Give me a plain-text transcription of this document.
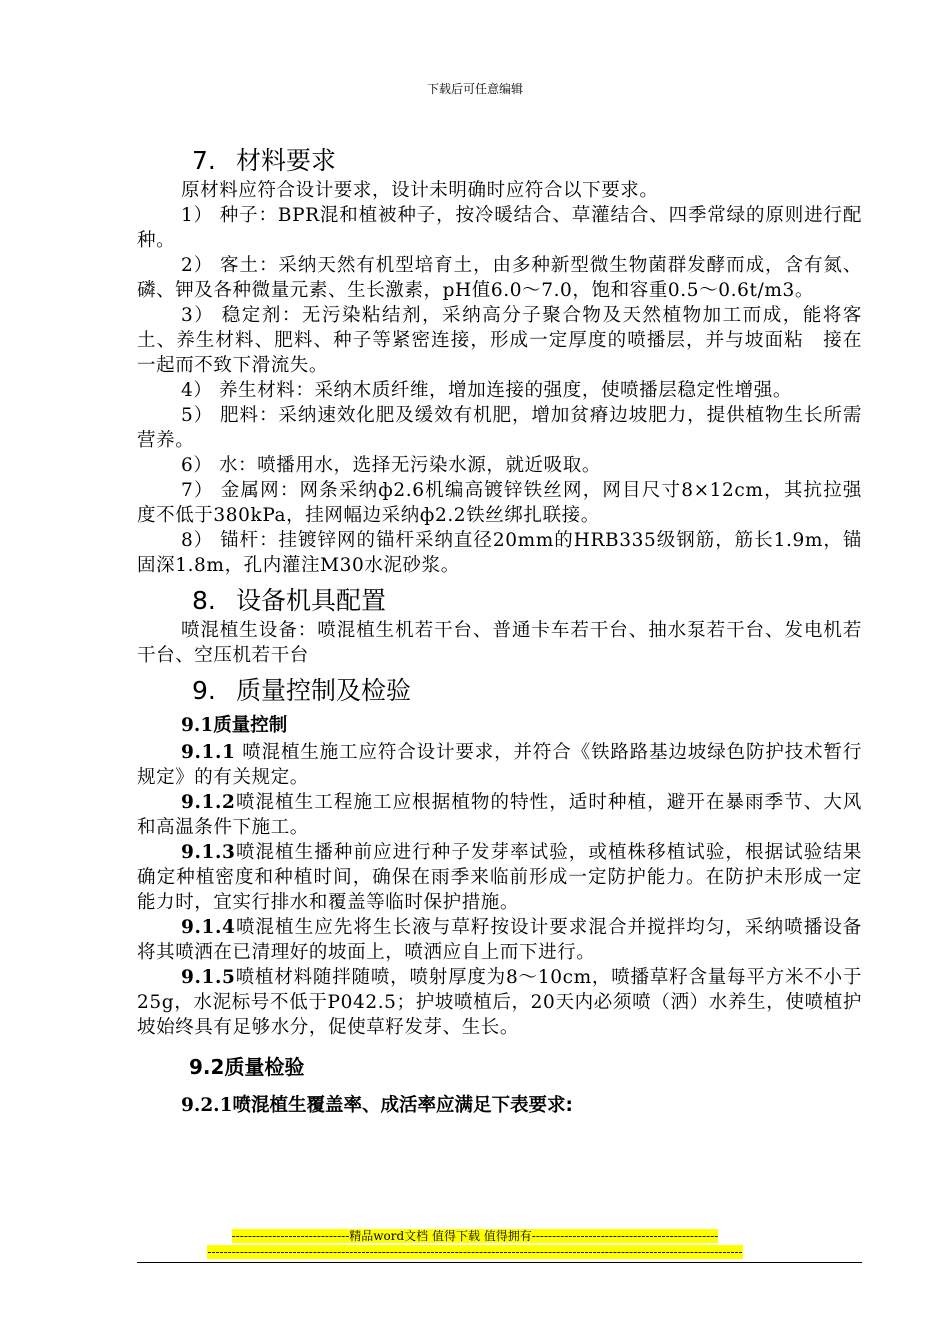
下载后可任意编辑
7. 材料要求

原材料应符合设计要求，设计未明确时应符合以下要求。

1） 种子：BPR混和植被种子，按冷暖结合、草灌结合、四季常绿的原则进行配种。

2） 客土：采纳天然有机型培育土，由多种新型微生物菌群发酵而成，含有氮、磷、钾及各种微量元素、生长激素，pH值6.0～7.0，饱和容重0.5～0.6t/m3。

3） 稳定剂：无污染粘结剂，采纳高分子聚合物及天然植物加工而成，能将客土、养生材料、肥料、种子等紧密连接，形成一定厚度的喷播层，并与坡面粘　接在一起而不致下滑流失。

4） 养生材料：采纳木质纤维，增加连接的强度，使喷播层稳定性增强。

5） 肥料：采纳速效化肥及缓效有机肥，增加贫瘠边坡肥力，提供植物生长所需营养。

6） 水：喷播用水，选择无污染水源，就近吸取。

7） 金属网：网条采纳ф2.6机编高镀锌铁丝网，网目尺寸8×12cm，其抗拉强度不低于380kPa，挂网幅边采纳ф2.2铁丝绑扎联接。

8） 锚杆：挂镀锌网的锚杆采纳直径20mm的HRB335级钢筋，筋长1.9m，锚固深1.8m，孔内灌注M30水泥砂浆。

8. 设备机具配置

喷混植生设备：喷混植生机若干台、普通卡车若干台、抽水泵若干台、发电机若干台、空压机若干台

9. 质量控制及检验
9.1质量控制

9.1.1 喷混植生施工应符合设计要求，并符合《铁路路基边坡绿色防护技术暂行规定》的有关规定。

9.1.2喷混植生工程施工应根据植物的特性，适时种植，避开在暴雨季节、大风和高温条件下施工。

9.1.3喷混植生播种前应进行种子发芽率试验，或植株移植试验，根据试验结果确定种植密度和种植时间，确保在雨季来临前形成一定防护能力。在防护未形成一定能力时，宜实行排水和覆盖等临时保护措施。

9.1.4喷混植生应先将生长液与草籽按设计要求混合并搅拌均匀，采纳喷播设备将其喷洒在已清理好的坡面上，喷洒应自上而下进行。

9.1.5喷植材料随拌随喷，喷射厚度为8～10cm，喷播草籽含量每平方米不小于25g，水泥标号不低于P042.5；护坡喷植后，20天内必须喷（洒）水养生，使喷植护坡始终具有足够水分，促使草籽发芽、生长。

9.2质量检验
9.2.1喷混植生覆盖率、成活率应满足下表要求:
-----------------------------精品word文档 值得下载 值得拥有----------------------------------------------
------------------------------------------------------------------------------------------------------------------------------------
